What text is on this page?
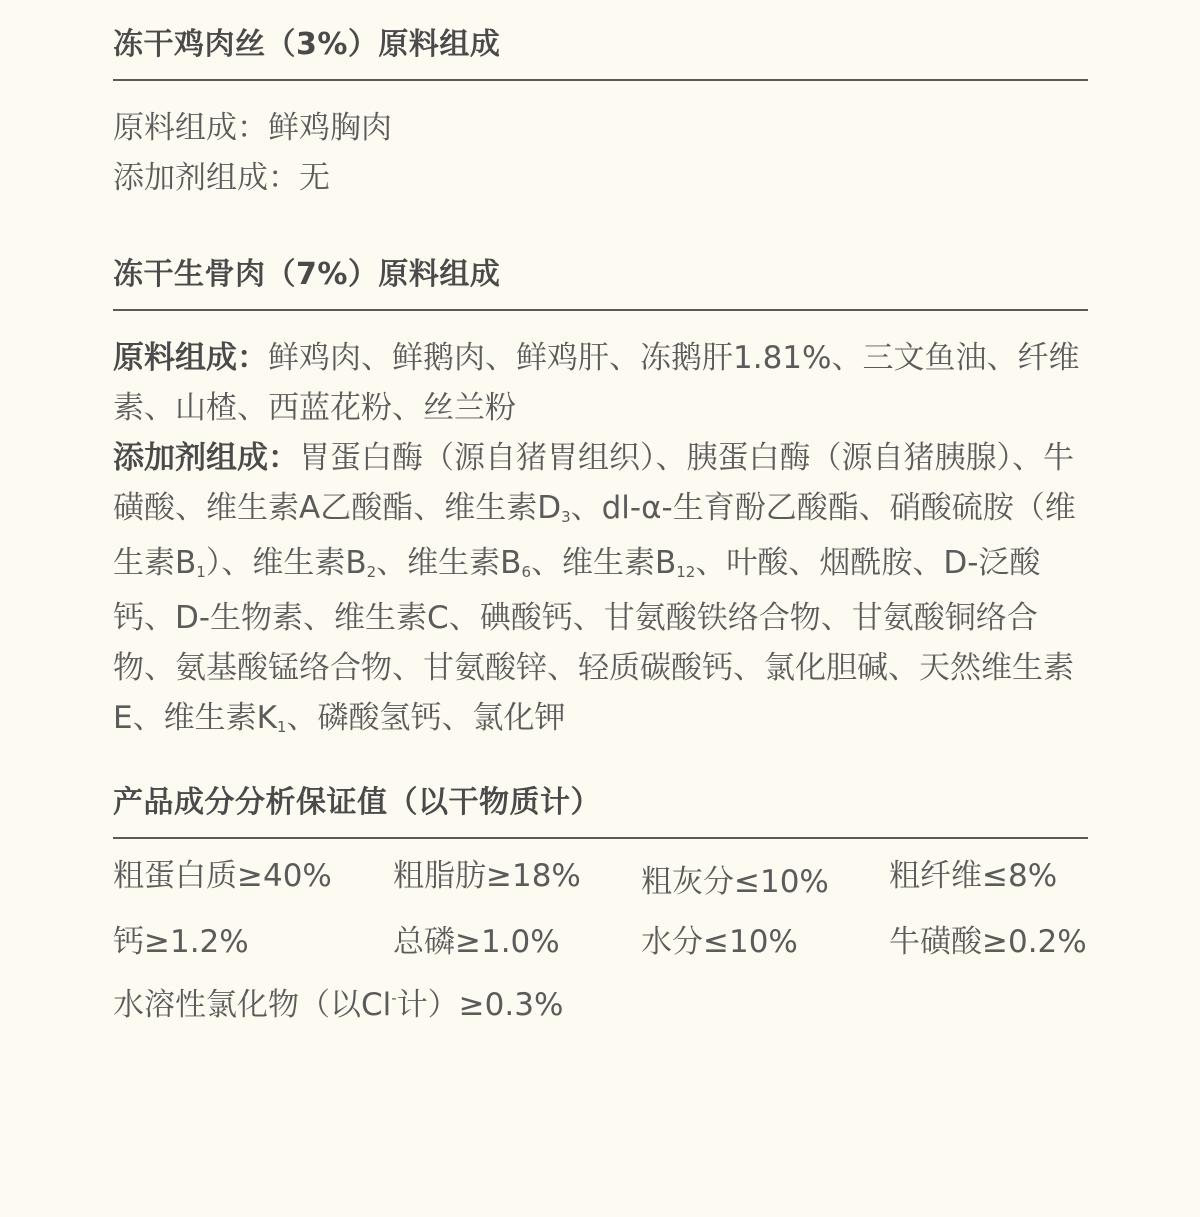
冻干鸡肉丝（3%）原料组成
原料组成：鲜鸡胸肉
添加剂组成：无
冻干生骨肉（7%）原料组成
原料组成：鲜鸡肉、鲜鹅肉、鲜鸡肝、冻鹅肝1.81%、三文鱼油、纤维素、山楂、西蓝花粉、丝兰粉
添加剂组成：胃蛋白酶（源自猪胃组织）、胰蛋白酶（源自猪胰腺）、牛磺酸、维生素A乙酸酯、维生素$D_3$、dl-α-生育酚乙酸酯、硝酸硫胺（维生素$B_1$）、维生素$B_2$、维生素$B_6$、维生素$B_{12}$、叶酸、烟酰胺、D-泛酸钙、D-生物素、维生素C、碘酸钙、甘氨酸铁络合物、甘氨酸铜络合物、氨基酸锰络合物、甘氨酸锌、轻质碳酸钙、氯化胆碱、天然维生素E、维生素$K_1$、磷酸氢钙、氯化钾
产品成分分析保证值（以干物质计）
粗蛋白质≥40% 粗脂肪≥18% 粗灰分≤10% 粗纤维≤8%
钙≥1.2%	总磷≥1.0%	水分≤10%	牛磺酸≥0.2%
水溶性氯化物（以Cl-计）≥0.3%
